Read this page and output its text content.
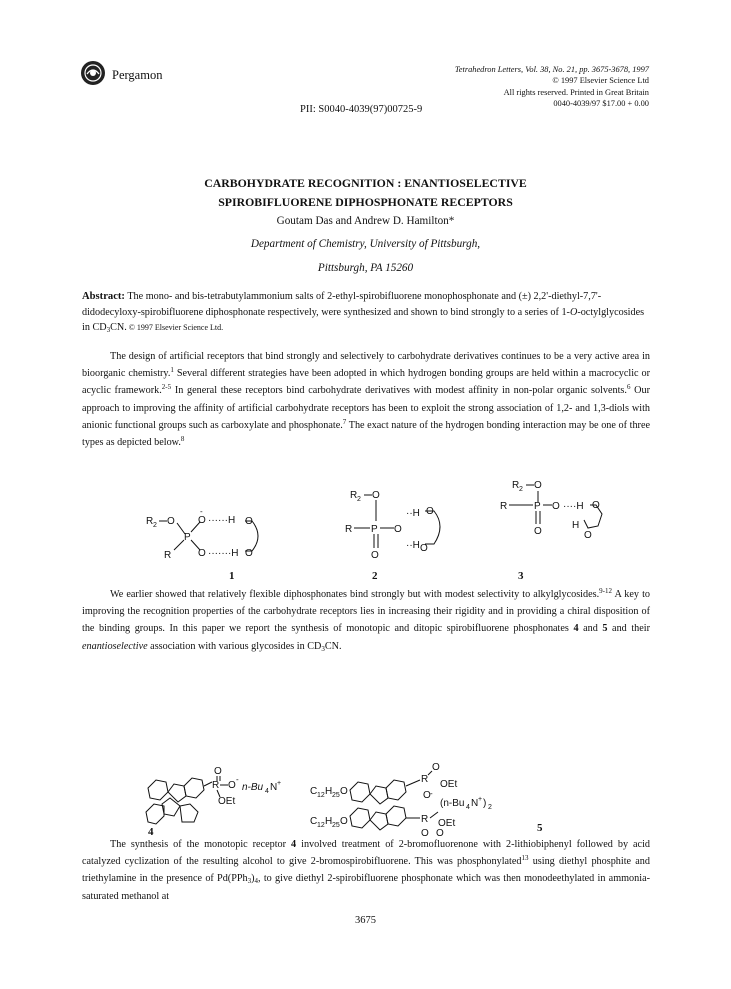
Pergamon	Tetrahedron Letters, Vol. 38, No. 21, pp. 3675-3678, 1997
© 1997 Elsevier Science Ltd
All rights reserved. Printed in Great Britain
0040-4039/97 $17.00 + 0.00
PII: S0040-4039(97)00725-9
CARBOHYDRATE RECOGNITION : ENANTIOSELECTIVE
SPIROBIFLUORENE DIPHOSPHONATE RECEPTORS
Goutam Das and Andrew D. Hamilton*
Department of Chemistry, University of Pittsburgh,
Pittsburgh, PA 15260
Abstract: The mono- and bis-tetrabutylammonium salts of 2-ethyl-spirobifluorene monophosphonate and (±) 2,2'-diethyl-7,7'-didodecyloxy-spirobifluorene diphosphonate respectively, were synthesized and shown to bind strongly to a series of 1-O-octylglycosides in $CD_3CN$. © 1997 Elsevier Science Ltd.
The design of artificial receptors that bind strongly and selectively to carbohydrate derivatives continues to be a very active area in bioorganic chemistry.$^1$ Several different strategies have been adopted in which hydrogen bonding groups are held within a macrocyclic or acyclic framework.$^{2-5}$ In general these receptors bind carbohydrate derivatives with modest affinity in non-polar organic solvents.$^6$ Our approach to improving the affinity of artificial carbohydrate receptors has been to exploit the strong association of 1,2- and 1,3-diols with anionic functional groups such as carboxylate and phosphonate.$^7$ The exact nature of the hydrogen bonding interaction may be one of three types as depicted below.$^8$
R 2 O
P
O
-
······H
O ·······H
R
O
O
R 2 O
R P O
O
··H
··H
O
O
R 2 O
R	P O
O
····H O
H
O
1	2	3
We earlier showed that relatively flexible diphosphonates bind strongly but with modest selectivity to alkylglycosides.$^{9-12}$ A key to improving the recognition properties of the carbohydrate receptors lies in increasing their rigidity and in providing a chiral disposition of the binding groups. In this paper we report the synthesis of monotopic and ditopic spirobifluorene phosphonates 4 and 5 and their enantioselective association with various glycosides in $CD_3CN$.
O
R O
-
n-Bu 4 N +
OEt
C 12 H 25 O
R
O
OEt
O -
(n-Bu 4 N + ) 2
C 12 H 25 O	R OEt
O O
4	5
The synthesis of the monotopic receptor 4 involved treatment of 2-bromofluorenone with 2-lithiobiphenyl followed by acid catalyzed cyclization of the resulting alcohol to give 2-bromospirobifluorene. This was phosphonylated$^{13}$ using diethyl phosphite and triethylamine in the presence of $Pd(PPh_3)_4$, to give diethyl 2-spirobifluorene phosphonate which was then monodeethylated in ammonia-saturated methanol at
3675
